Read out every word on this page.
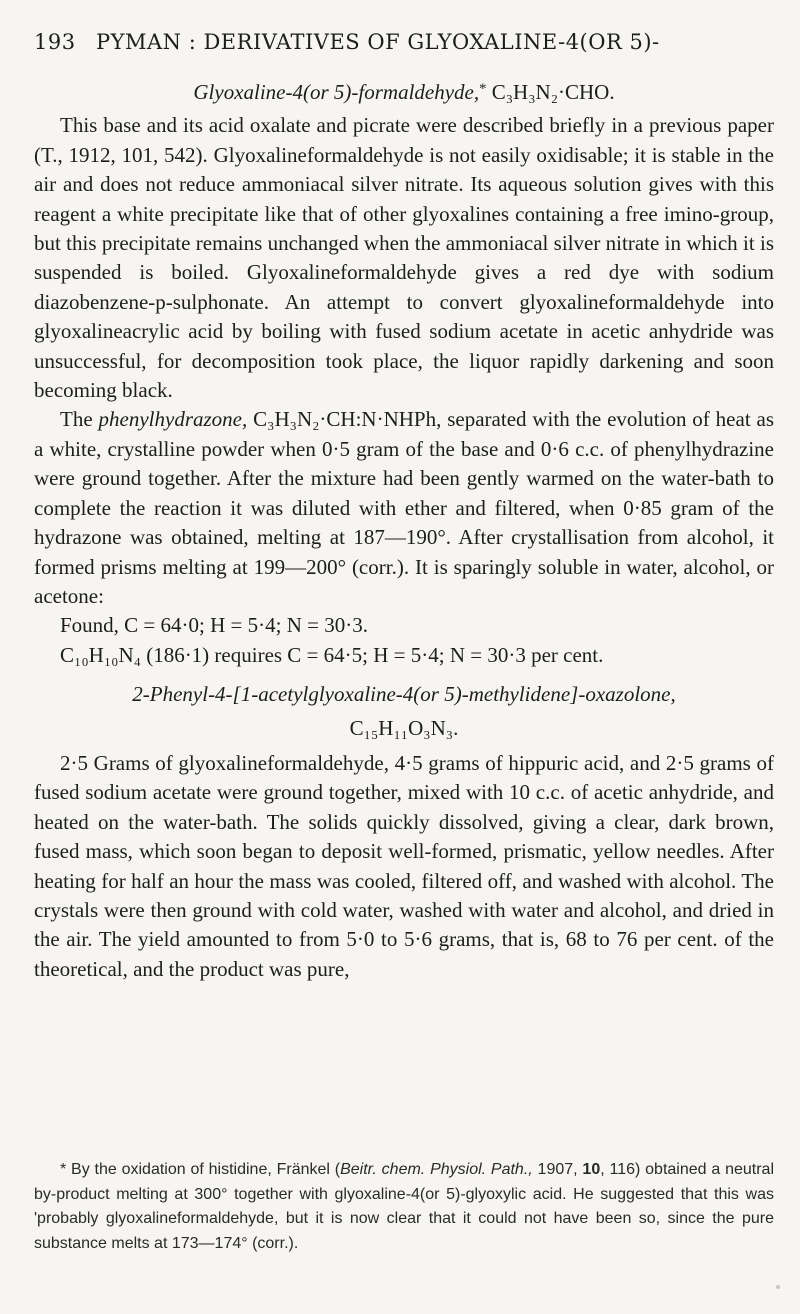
193 PYMAN : DERIVATIVES OF GLYOXALINE-4(OR 5)-

Glyoxaline-4(or 5)-formaldehyde,* C₃H₃N₂·CHO.

This base and its acid oxalate and picrate were described briefly in a previous paper (T., 1912, 101, 542). Glyoxalineformaldehyde is not easily oxidisable; it is stable in the air and does not reduce ammoniacal silver nitrate. Its aqueous solution gives with this reagent a white precipitate like that of other glyoxalines containing a free imino-group, but this precipitate remains unchanged when the ammoniacal silver nitrate in which it is suspended is boiled. Glyoxalineformaldehyde gives a red dye with sodium diazobenzene-p-sulphonate. An attempt to convert glyoxalineformaldehyde into glyoxalineacrylic acid by boiling with fused sodium acetate in acetic anhydride was unsuccessful, for decomposition took place, the liquor rapidly darkening and soon becoming black.

The phenylhydrazone, C₃H₃N₂·CH:N·NHPh, separated with the evolution of heat as a white, crystalline powder when 0·5 gram of the base and 0·6 c.c. of phenylhydrazine were ground together. After the mixture had been gently warmed on the water-bath to complete the reaction it was diluted with ether and filtered, when 0·85 gram of the hydrazone was obtained, melting at 187—190°. After crystallisation from alcohol, it formed prisms melting at 199—200° (corr.). It is sparingly soluble in water, alcohol, or acetone:

Found, C = 64·0; H = 5·4; N = 30·3.

C₁₀H₁₀N₄ (186·1) requires C = 64·5; H = 5·4; N = 30·3 per cent.

2-Phenyl-4-[1-acetylglyoxaline-4(or 5)-methylidene]-oxazolone,

C₁₅H₁₁O₃N₃.

2·5 Grams of glyoxalineformaldehyde, 4·5 grams of hippuric acid, and 2·5 grams of fused sodium acetate were ground together, mixed with 10 c.c. of acetic anhydride, and heated on the water-bath. The solids quickly dissolved, giving a clear, dark brown, fused mass, which soon began to deposit well-formed, prismatic, yellow needles. After heating for half an hour the mass was cooled, filtered off, and washed with alcohol. The crystals were then ground with cold water, washed with water and alcohol, and dried in the air. The yield amounted to from 5·0 to 5·6 grams, that is, 68 to 76 per cent. of the theoretical, and the product was pure,

* By the oxidation of histidine, Fränkel (Beitr. chem. Physiol. Path., 1907, 10, 116) obtained a neutral by-product melting at 300° together with glyoxaline-4(or 5)-glyoxylic acid. He suggested that this was 'probably glyoxalineformaldehyde, but it is now clear that it could not have been so, since the pure substance melts at 173—174° (corr.).
